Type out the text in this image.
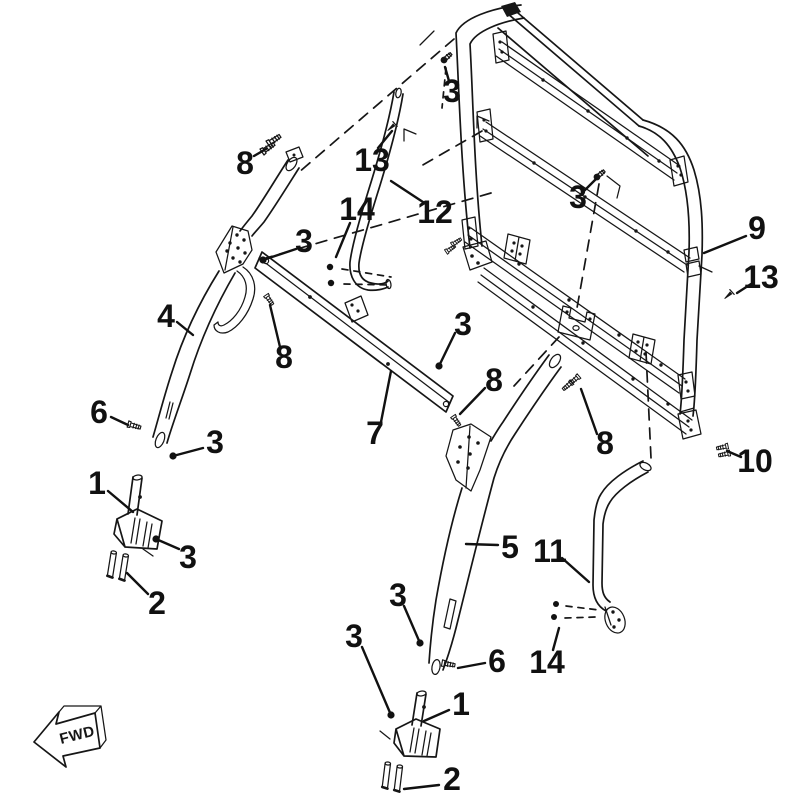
FWD
8	13
14
3
12
3
3
9
13
4
8
3
8
7	8
6
3
1
3
2
10
5 11
3
6 14
3
1
2
